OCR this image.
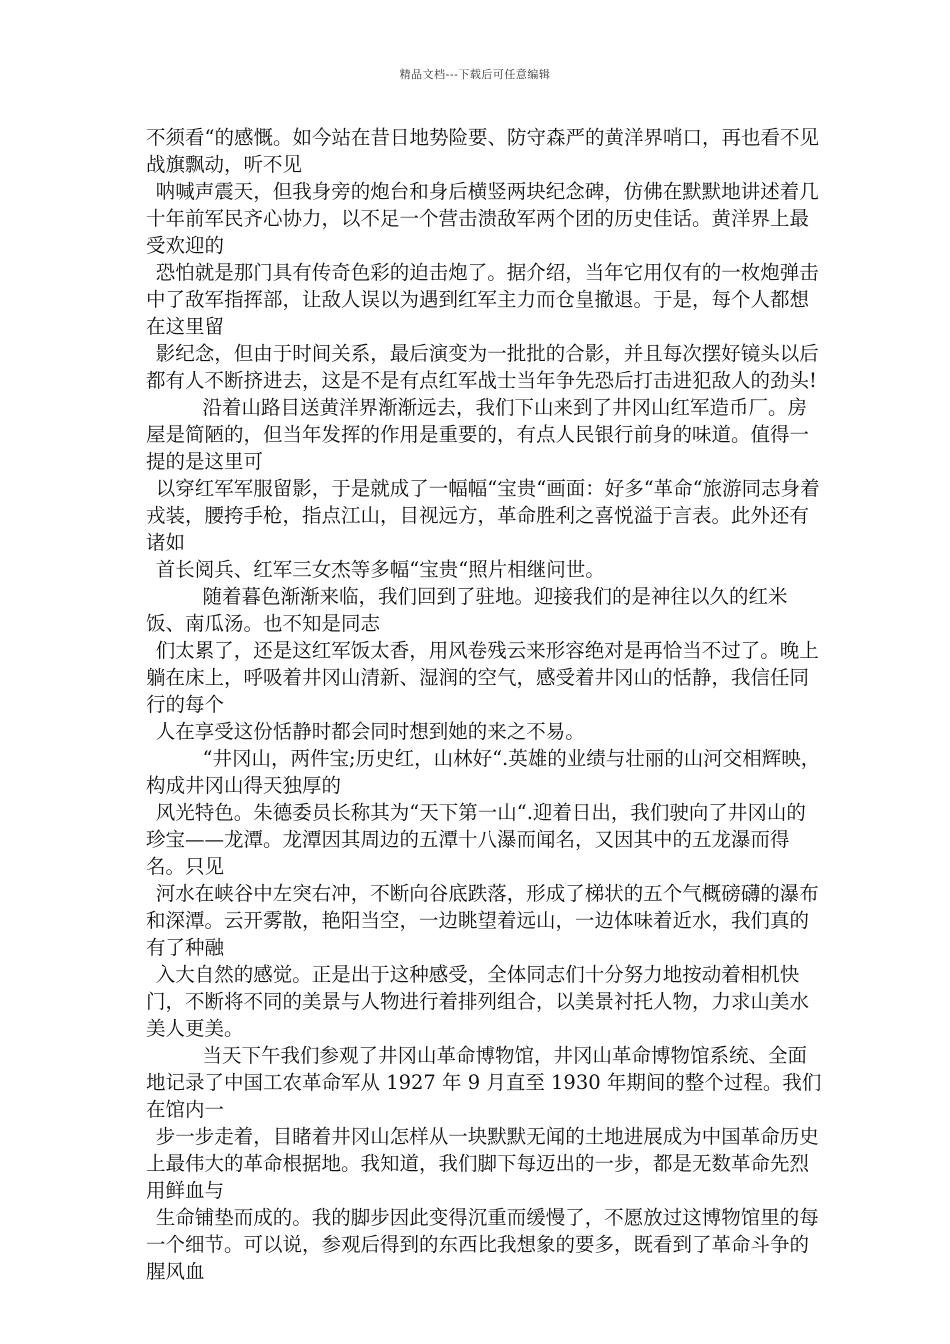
精品文档---下载后可任意编辑

不须看“的感慨。如今站在昔日地势险要、防守森严的黄洋界哨口，再也看不见战旗飘动，听不见

呐喊声震天，但我身旁的炮台和身后横竖两块纪念碑，仿佛在默默地讲述着几十年前军民齐心协力，以不足一个营击溃敌军两个团的历史佳话。黄洋界上最受欢迎的

恐怕就是那门具有传奇色彩的迫击炮了。据介绍，当年它用仅有的一枚炮弹击中了敌军指挥部，让敌人误以为遇到红军主力而仓皇撤退。于是，每个人都想在这里留

影纪念，但由于时间关系，最后演变为一批批的合影，并且每次摆好镜头以后都有人不断挤进去，这是不是有点红军战士当年争先恐后打击进犯敌人的劲头!

沿着山路目送黄洋界渐渐远去，我们下山来到了井冈山红军造币厂。房屋是简陋的，但当年发挥的作用是重要的，有点人民银行前身的味道。值得一提的是这里可

以穿红军军服留影，于是就成了一幅幅“宝贵“画面：好多“革命“旅游同志身着戎装，腰挎手枪，指点江山，目视远方，革命胜利之喜悦溢于言表。此外还有诸如

首长阅兵、红军三女杰等多幅“宝贵“照片相继问世。

随着暮色渐渐来临，我们回到了驻地。迎接我们的是神往以久的红米饭、南瓜汤。也不知是同志

们太累了，还是这红军饭太香，用风卷残云来形容绝对是再恰当不过了。晚上躺在床上，呼吸着井冈山清新、湿润的空气，感受着井冈山的恬静，我信任同行的每个

人在享受这份恬静时都会同时想到她的来之不易。

“井冈山，两件宝;历史红，山林好“.英雄的业绩与壮丽的山河交相辉映，构成井冈山得天独厚的

风光特色。朱德委员长称其为“天下第一山“.迎着日出，我们驶向了井冈山的珍宝——龙潭。龙潭因其周边的五潭十八瀑而闻名，又因其中的五龙瀑而得名。只见

河水在峡谷中左突右冲，不断向谷底跌落，形成了梯状的五个气概磅礴的瀑布和深潭。云开雾散，艳阳当空，一边眺望着远山，一边体味着近水，我们真的有了种融

入大自然的感觉。正是出于这种感受，全体同志们十分努力地按动着相机快门，不断将不同的美景与人物进行着排列组合，以美景衬托人物，力求山美水美人更美。

当天下午我们参观了井冈山革命博物馆，井冈山革命博物馆系统、全面地记录了中国工农革命军从 1927 年 9 月直至 1930 年期间的整个过程。我们在馆内一

步一步走着，目睹着井冈山怎样从一块默默无闻的土地进展成为中国革命历史上最伟大的革命根据地。我知道，我们脚下每迈出的一步，都是无数革命先烈用鲜血与

生命铺垫而成的。我的脚步因此变得沉重而缓慢了，不愿放过这博物馆里的每一个细节。可以说，参观后得到的东西比我想象的要多，既看到了革命斗争的腥风血
